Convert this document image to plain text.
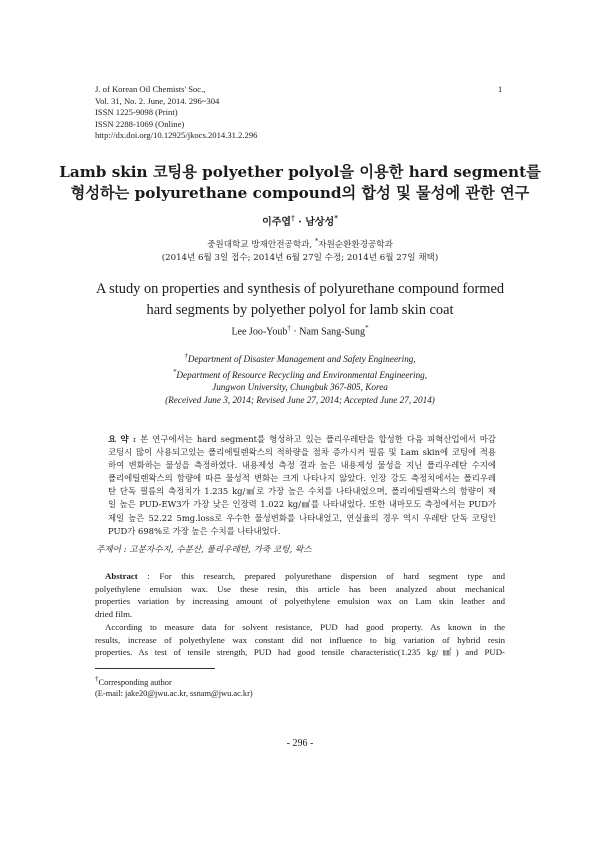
J. of Korean Oil Chemists' Soc.,
Vol. 31, No. 2. June, 2014. 296~304
ISSN 1225-9098 (Print)
ISSN 2288-1069 (Online)
http://dx.doi.org/10.12925/jkocs.2014.31.2.296
1
Lamb skin 코팅용 polyether polyol을 이용한 hard segment를
형성하는 polyurethane compound의 합성 및 물성에 관한 연구
이주엽† · 남상성*
중원대학교 방재안전공학과, *자원순환환경공학과
(2014년 6월 3일 접수; 2014년 6월 27일 수정; 2014년 6월 27일 채택)
A study on properties and synthesis of polyurethane compound formed
hard segments by polyether polyol for lamb skin coat
Lee Joo-Youb† · Nam Sang-Sung*
†Department of Disaster Management and Safety Engineering,
*Department of Resource Recycling and Environmental Engineering,
Jungwon University, Chungbuk 367-805, Korea
(Received June 3, 2014; Revised June 27, 2014; Accepted June 27, 2014)
요 약 : 본 연구에서는 hard segment를 형성하고 있는 폴리우레탄을 합성한 다음 피혁산업에서 마감
코팅시 많이 사용되고있는 폴리에틸렌왁스의 적하량을 점차 증가시켜 필름 및 Lam skin에 코팅에 적용
하여 변화하는 물성을 측정하였다. 내용제성 측정 결과 높은 내용제성 물성을 지닌 폴리우레탄 수지에
폴리에틸렌왁스의 함량에 따른 물성적 변화는 크게 나타나지 않았다. 인장 강도 측정치에서는 폴리우레
탄 단독 필름의 측정치가 1.235 kg/㎟로 가장 높은 수치를 나타내었으며, 폴리에틸렌왁스의 함량이 제
일 높은 PUD-EW3가 가장 낮은 인장력 1.022 kg/㎟를 나타내었다. 또한 내마모도 측정에서는 PUD가
제일 높은 52.22 5mg.loss로 우수한 물성변화를 나타내었고, 연실율의 경우 역시 우레탄 단독 코팅인
PUD가 698%로 가장 높은 수치를 나타내었다.
주제어 : 고분자수지, 수분산, 폴리우레탄, 가죽 코팅, 왁스
Abstract : For this research, prepared polyurethane dispersion of hard segment type and
polyethylene emulsion wax. Use these resin, this article has been analyzed about mechanical
properties variation by increasing amount of polyethylene emulsion wax on Lam skin leather and
dried film.
According to measure data for solvent resistance, PUD had good property. As known in the
results, increase of polyethylene wax constant did not influence to big variation of hybrid resin
properties. As test of tensile strength, PUD had good tensile characteristic(1.235 kg/㎟) and PUD-
†Corresponding author
(E-mail: jake20@jwu.ac.kr, ssnam@jwu.ac.kr)
- 296 -
